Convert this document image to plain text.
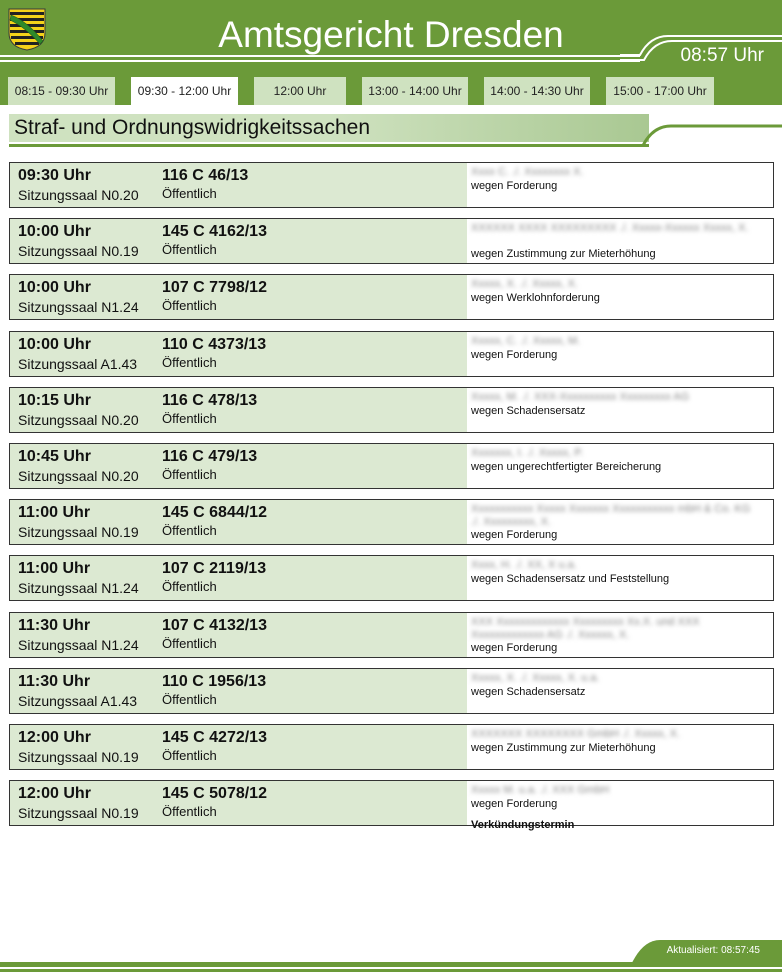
Amtsgericht Dresden
08:57 Uhr
08:15 - 09:30 Uhr	09:30 - 12:00 Uhr	12:00 Uhr	13:00 - 14:00 Uhr	14:00 - 14:30 Uhr	15:00 - 17:00 Uhr
Straf- und Ordnungswidrigkeitssachen
09:30 Uhr
Sitzungssaal N0.20
116 C 46/13
Öffentlich
Xxxx C. ./. Xxxxxxxx X.
wegen Forderung
10:00 Uhr
Sitzungssaal N0.19
145 C 4162/13
Öffentlich
XXXXXX XXXX XXXXXXXXX ./. Xxxxx-Xxxxxx Xxxxx, X.
wegen Zustimmung zur Mieterhöhung
10:00 Uhr
Sitzungssaal N1.24
107 C 7798/12
Öffentlich
Xxxxx, X. ./. Xxxxx, X.
wegen Werklohnforderung
10:00 Uhr
Sitzungssaal A1.43
110 C 4373/13
Öffentlich
Xxxxx, C. ./. Xxxxx, M.
wegen Forderung
10:15 Uhr
Sitzungssaal N0.20
116 C 478/13
Öffentlich
Xxxxx, M. ./. XXX-Xxxxxxxxxx Xxxxxxxxx AG
wegen Schadensersatz
10:45 Uhr
Sitzungssaal N0.20
116 C 479/13
Öffentlich
Xxxxxxx, I. ./. Xxxxx, P.
wegen ungerechtfertigter Bereicherung
11:00 Uhr
Sitzungssaal N0.19
145 C 6844/12
Öffentlich
Xxxxxxxxxxx Xxxxx Xxxxxxx Xxxxxxxxxxx mbH & Co. KG ./. Xxxxxxxxx, X.
wegen Forderung
11:00 Uhr
Sitzungssaal N1.24
107 C 2119/13
Öffentlich
Xxxx, H. ./. XX, X u.a.
wegen Schadensersatz und Feststellung
11:30 Uhr
Sitzungssaal N1.24
107 C 4132/13
Öffentlich
XXX Xxxxxxxxxxxxx Xxxxxxxxx Xx.X. und XXX Xxxxxxxxxxxxx AG ./. Xxxxxx, X.
wegen Forderung
11:30 Uhr
Sitzungssaal A1.43
110 C 1956/13
Öffentlich
Xxxxx, X. ./. Xxxxx, X. u.a.
wegen Schadensersatz
12:00 Uhr
Sitzungssaal N0.19
145 C 4272/13
Öffentlich
XXXXXXX XXXXXXXX GmbH ./. Xxxxx, X.
wegen Zustimmung zur Mieterhöhung
12:00 Uhr
Sitzungssaal N0.19
145 C 5078/12
Öffentlich
Xxxxx M. u.a. ./. XXX GmbH
wegen Forderung
Verkündungstermin
Aktualisiert: 08:57:45
